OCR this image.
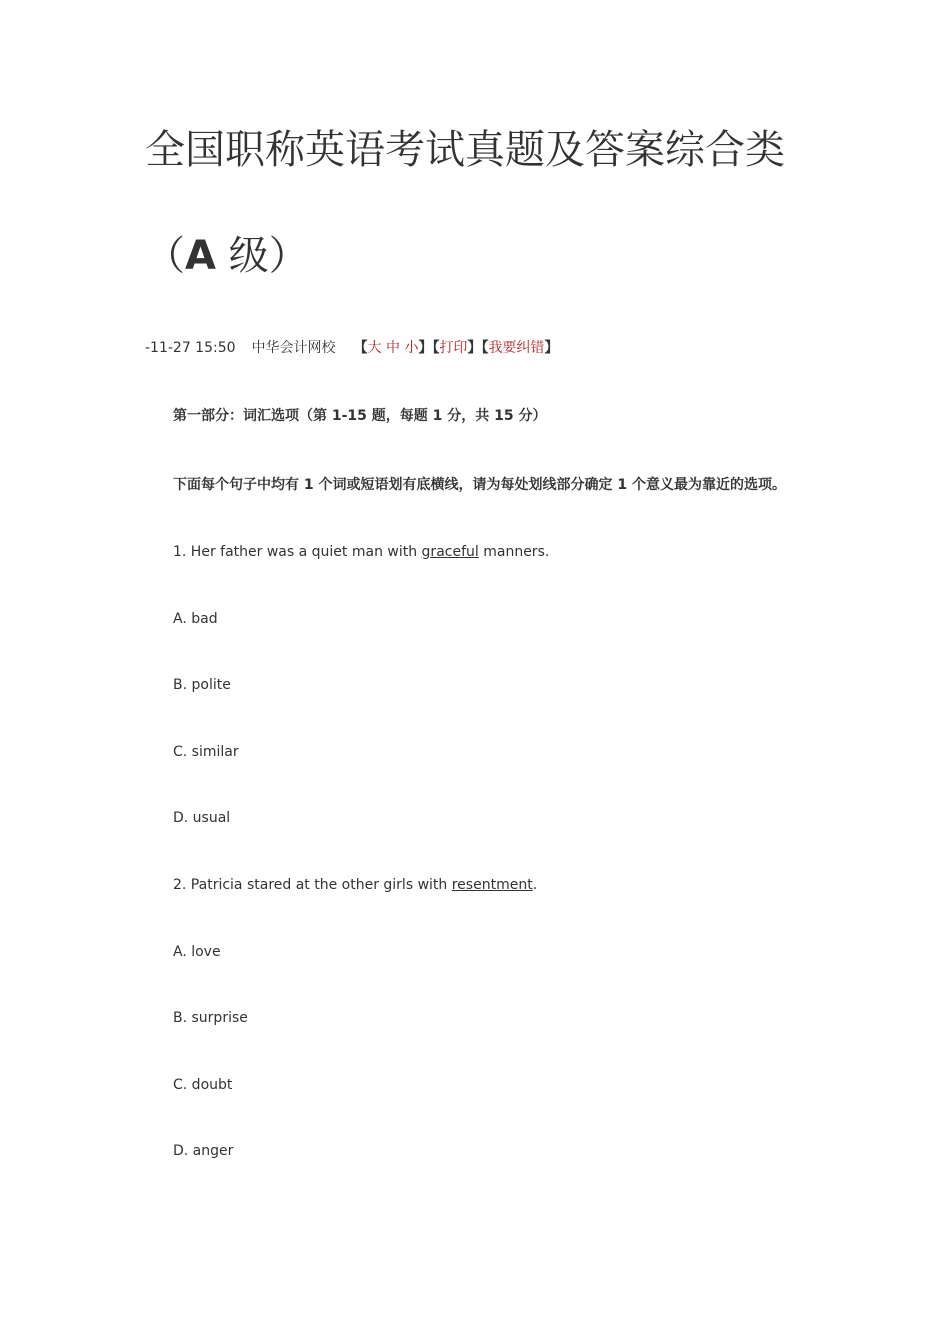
全国职称英语考试真题及答案综合类
（A 级）
-11-27 15:50 中华会计网校 【大 中 小】【打印】【我要纠错】
第一部分：词汇选项（第 1-15 题，每题 1 分，共 15 分）
下面每个句子中均有 1 个词或短语划有底横线，请为每处划线部分确定 1 个意义最为靠近的选项。
1. Her father was a quiet man with graceful manners.
A. bad
B. polite
C. similar
D. usual
2. Patricia stared at the other girls with resentment.
A. love
B. surprise
C. doubt
D. anger
